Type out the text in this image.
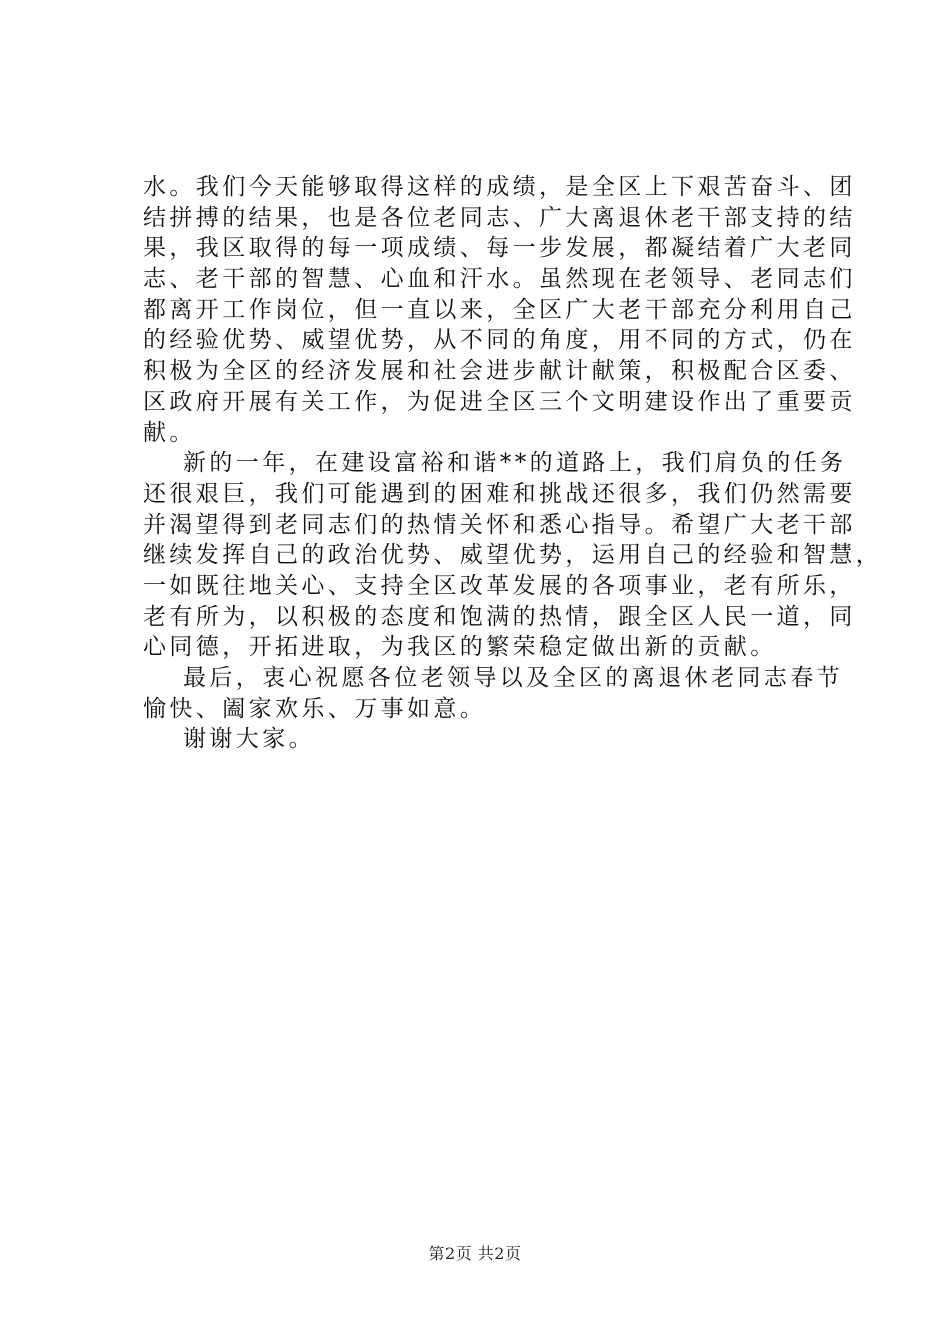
水。我们今天能够取得这样的成绩，是全区上下艰苦奋斗、团
结拼搏的结果，也是各位老同志、广大离退休老干部支持的结
果，我区取得的每一项成绩、每一步发展，都凝结着广大老同
志、老干部的智慧、心血和汗水。虽然现在老领导、老同志们
都离开工作岗位，但一直以来，全区广大老干部充分利用自己
的经验优势、威望优势，从不同的角度，用不同的方式，仍在
积极为全区的经济发展和社会进步献计献策，积极配合区委、
区政府开展有关工作，为促进全区三个文明建设作出了重要贡
献。
新的一年，在建设富裕和谐**的道路上，我们肩负的任务
还很艰巨，我们可能遇到的困难和挑战还很多，我们仍然需要
并渴望得到老同志们的热情关怀和悉心指导。希望广大老干部
继续发挥自己的政治优势、威望优势，运用自己的经验和智慧，
一如既往地关心、支持全区改革发展的各项事业，老有所乐，
老有所为，以积极的态度和饱满的热情，跟全区人民一道，同
心同德，开拓进取，为我区的繁荣稳定做出新的贡献。
最后，衷心祝愿各位老领导以及全区的离退休老同志春节
愉快、阖家欢乐、万事如意。
谢谢大家。
第2页 共2页
